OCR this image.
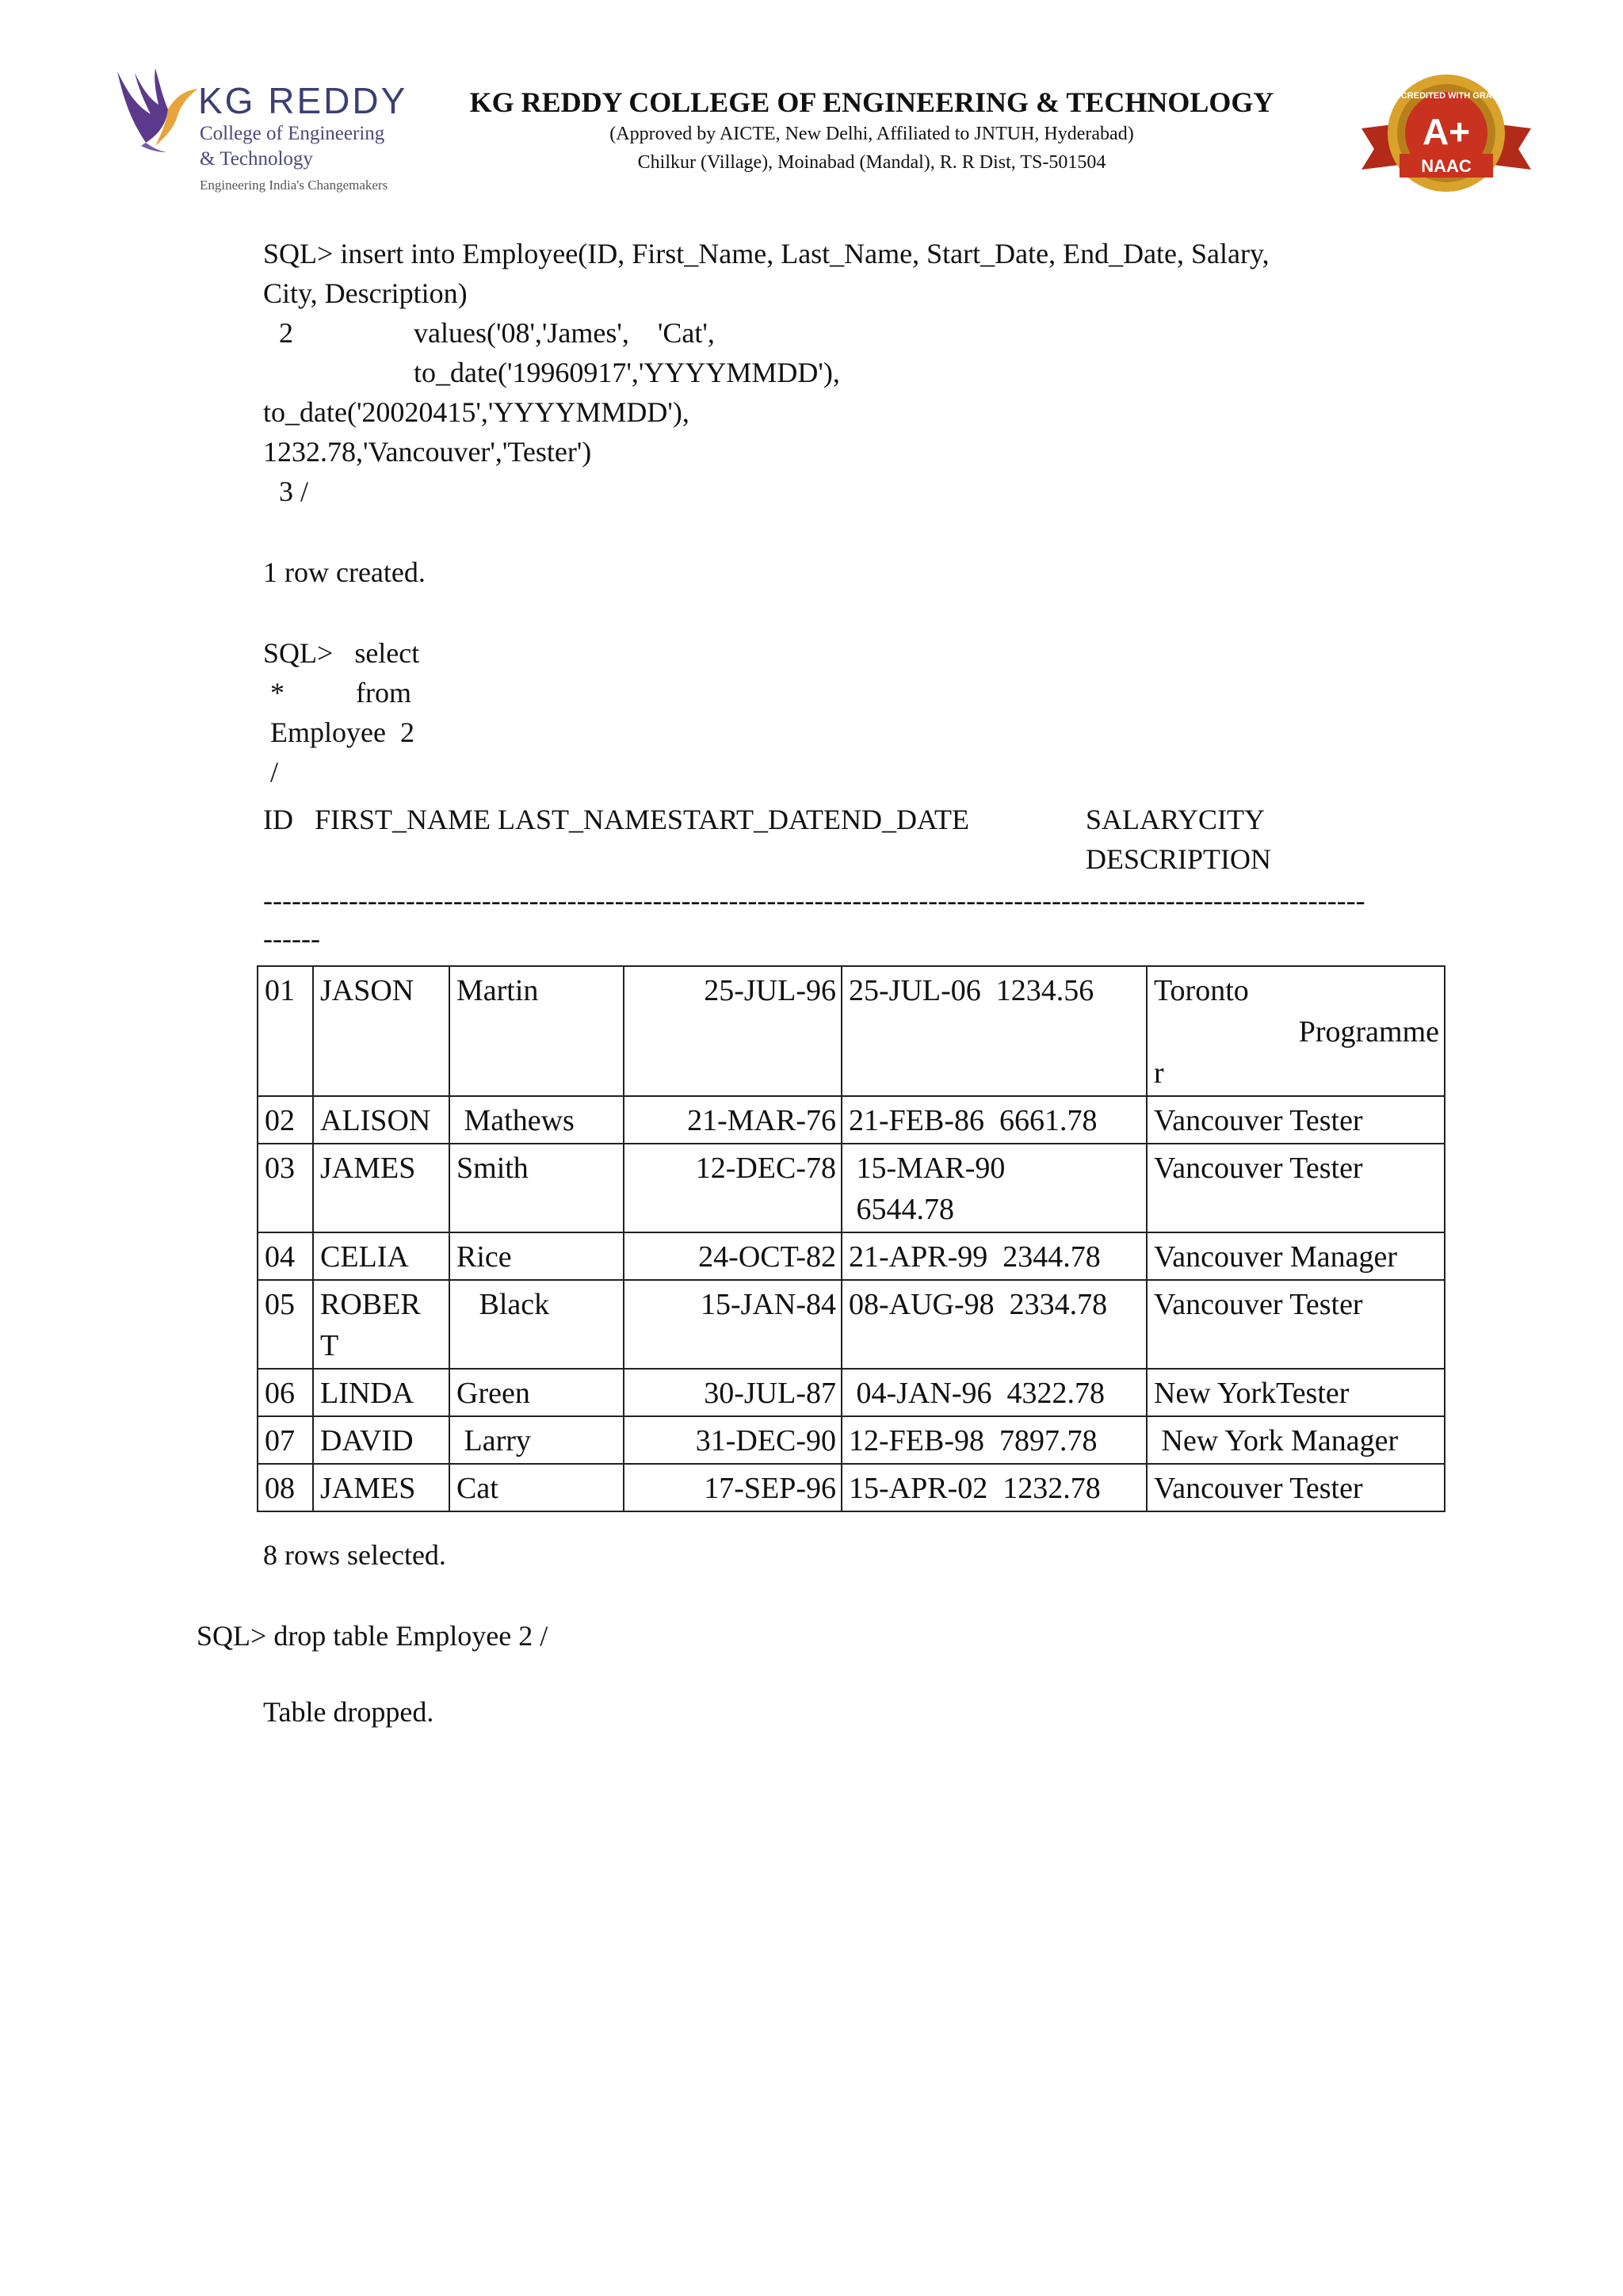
KG REDDY
College of Engineering
& Technology
Engineering India's Changemakers
KG REDDY COLLEGE OF ENGINEERING & TECHNOLOGY
(Approved by AICTE, New Delhi, Affiliated to JNTUH, Hyderabad)
Chilkur (Village), Moinabad (Mandal), R. R Dist, TS-501504
ACCREDITED WITH GRADE
A+
NAAC
SQL> insert into Employee(ID, First_Name, Last_Name, Start_Date, End_Date, Salary,
City, Description)
2	values('08','James',    'Cat',
to_date('19960917','YYYYMMDD'),
to_date('20020415','YYYYMMDD'),
1232.78,'Vancouver','Tester')
3 /
1 row created.
SQL>   select
*          from
Employee  2
/
ID   FIRST_NAME LAST_NAMESTART_DATEND_DATE	SALARYCITY
DESCRIPTION
--------------------------------------------------------------------------------------------------------------------
------
01	JASON	Martin	25-JUL-96	25-JUL-06  1234.56	Toronto
Programme
r

02	ALISON	Mathews	21-MAR-76	21-FEB-86  6661.78	Vancouver Tester
03	JAMES	Smith	12-DEC-78	15-MAR-90
6544.78	Vancouver Tester
04	CELIA	Rice	24-OCT-82	21-APR-99  2344.78	Vancouver Manager
05	ROBER
T	Black	15-JAN-84	08-AUG-98  2334.78	Vancouver Tester
06	LINDA	Green	30-JUL-87	04-JAN-96  4322.78	New YorkTester
07	DAVID	Larry	31-DEC-90	12-FEB-98  7897.78	New York Manager
08	JAMES	Cat	17-SEP-96	15-APR-02  1232.78	Vancouver Tester
8 rows selected.
SQL> drop table Employee 2 /
Table dropped.
